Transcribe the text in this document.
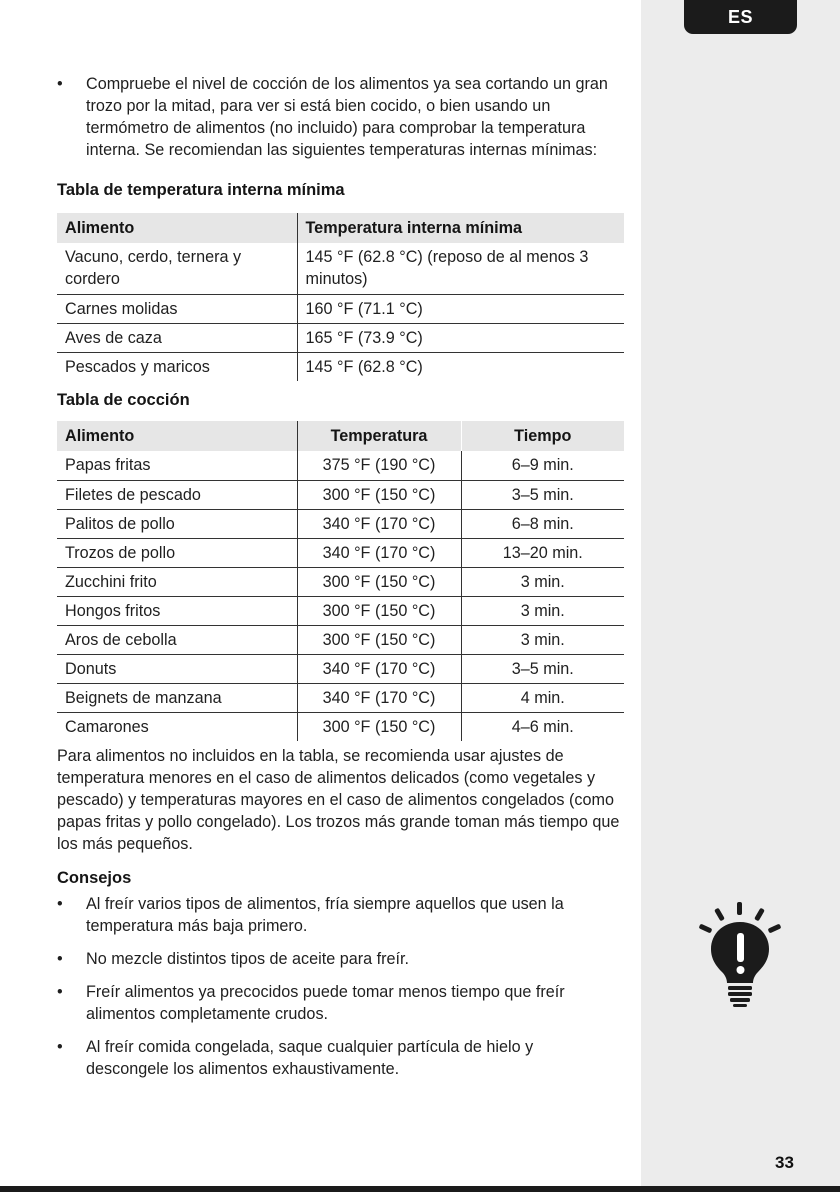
ES
• Compruebe el nivel de cocción de los alimentos ya sea cortando un gran trozo por la mitad, para ver si está bien cocido, o bien usando un termómetro de alimentos (no incluido) para comprobar la temperatura interna. Se recomiendan las siguientes temperaturas internas mínimas:
Tabla de temperatura interna mínima
Alimento	Temperatura interna mínima
Vacuno, cerdo, ternera y cordero	145 °F (62.8 °C) (reposo de al menos 3 minutos)
Carnes molidas	160 °F (71.1 °C)
Aves de caza	165 °F (73.9 °C)
Pescados y maricos	145 °F (62.8 °C)
Tabla de cocción
Alimento	Temperatura	Tiempo
Papas fritas	375 °F (190 °C)	6–9 min.
Filetes de pescado	300 °F (150 °C)	3–5 min.
Palitos de pollo	340 °F (170 °C)	6–8 min.
Trozos de pollo	340 °F (170 °C)	13–20 min.
Zucchini frito	300 °F (150 °C)	3 min.
Hongos fritos	300 °F (150 °C)	3 min.
Aros de cebolla	300 °F (150 °C)	3 min.
Donuts	340 °F (170 °C)	3–5 min.
Beignets de manzana	340 °F (170 °C)	4 min.
Camarones	300 °F (150 °C)	4–6 min.
Para alimentos no incluidos en la tabla, se recomienda usar ajustes de temperatura menores en el caso de alimentos delicados (como vegetales y pescado) y temperaturas mayores en el caso de alimentos congelados (como papas fritas y pollo congelado). Los trozos más grande toman más tiempo que los más pequeños.
Consejos
• Al freír varios tipos de alimentos, fría siempre aquellos que usen la temperatura más baja primero.
• No mezcle distintos tipos de aceite para freír.
• Freír alimentos ya precocidos puede tomar menos tiempo que freír alimentos completamente crudos.
• Al freír comida congelada, saque cualquier partícula de hielo y descongele los alimentos exhaustivamente.
33
